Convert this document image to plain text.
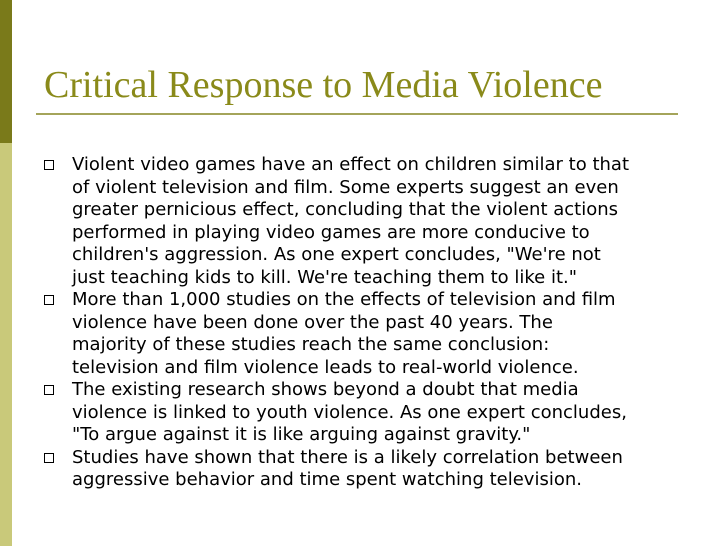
Critical Response to Media Violence
Violent video games have an effect on children similar to that
of violent television and film. Some experts suggest an even
greater pernicious effect, concluding that the violent actions
performed in playing video games are more conducive to
children's aggression. As one expert concludes, "We're not
just teaching kids to kill. We're teaching them to like it."
More than 1,000 studies on the effects of television and film
violence have been done over the past 40 years. The
majority of these studies reach the same conclusion:
television and film violence leads to real-world violence.
The existing research shows beyond a doubt that media
violence is linked to youth violence. As one expert concludes,
"To argue against it is like arguing against gravity."
Studies have shown that there is a likely correlation between
aggressive behavior and time spent watching television.
